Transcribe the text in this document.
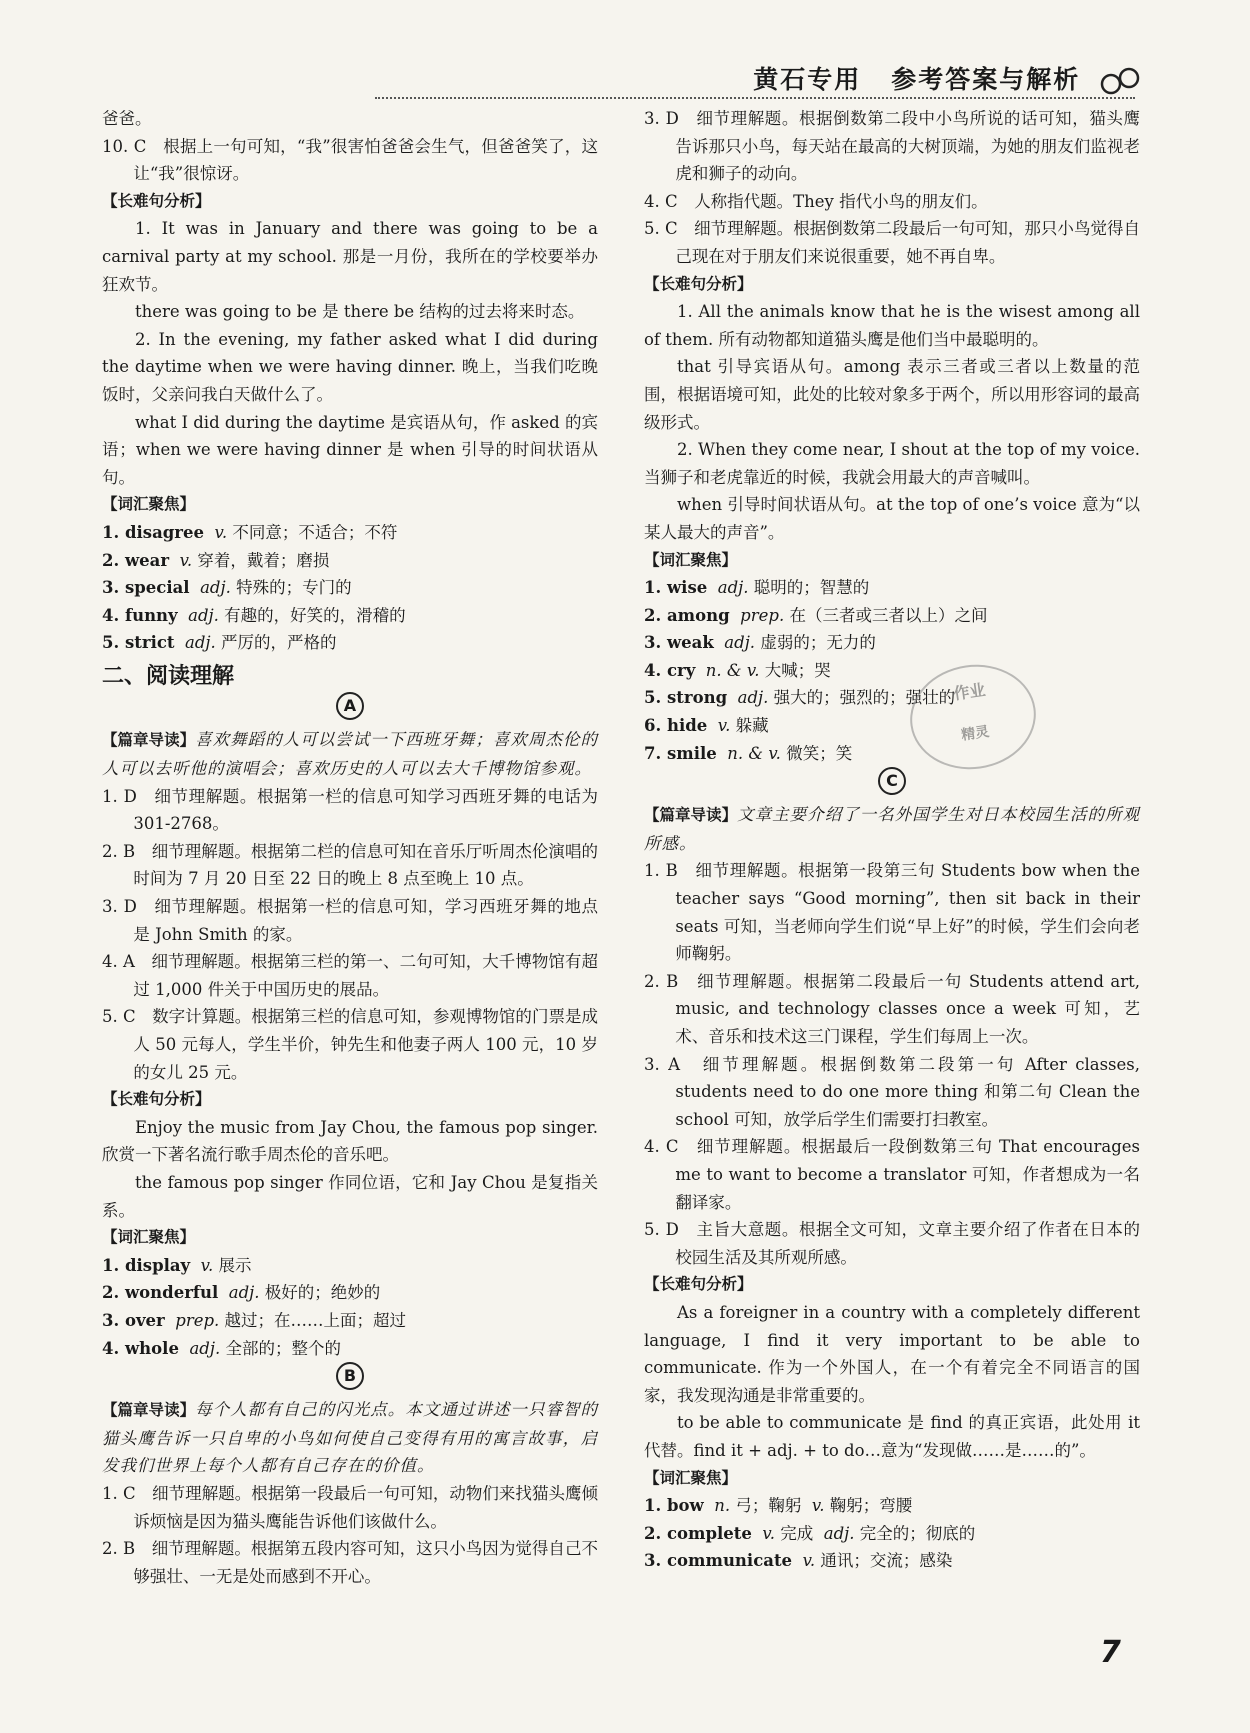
黄石专用 参考答案与解析

爸爸。

10. C　根据上一句可知，“我”很害怕爸爸会生气，但爸爸笑了，这让“我”很惊讶。

【长难句分析】

1. It was in January and there was going to be a carnival party at my school. 那是一月份，我所在的学校要举办狂欢节。

there was going to be 是 there be 结构的过去将来时态。

2. In the evening, my father asked what I did during the daytime when we were having dinner. 晚上，当我们吃晚饭时，父亲问我白天做什么了。

what I did during the daytime 是宾语从句，作 asked 的宾语；when we were having dinner 是 when 引导的时间状语从句。

【词汇聚焦】

1. disagree v. 不同意；不适合；不符

2. wear v. 穿着，戴着；磨损

3. special adj. 特殊的；专门的

4. funny adj. 有趣的，好笑的，滑稽的

5. strict adj. 严厉的，严格的

二、阅读理解

A

【篇章导读】喜欢舞蹈的人可以尝试一下西班牙舞；喜欢周杰伦的人可以去听他的演唱会；喜欢历史的人可以去大千博物馆参观。

1. D　细节理解题。根据第一栏的信息可知学习西班牙舞的电话为 301-2768。

2. B　细节理解题。根据第二栏的信息可知在音乐厅听周杰伦演唱的时间为 7 月 20 日至 22 日的晚上 8 点至晚上 10 点。

3. D　细节理解题。根据第一栏的信息可知，学习西班牙舞的地点是 John Smith 的家。

4. A　细节理解题。根据第三栏的第一、二句可知，大千博物馆有超过 1,000 件关于中国历史的展品。

5. C　数字计算题。根据第三栏的信息可知，参观博物馆的门票是成人 50 元每人，学生半价，钟先生和他妻子两人 100 元，10 岁的女儿 25 元。

【长难句分析】

Enjoy the music from Jay Chou, the famous pop singer. 欣赏一下著名流行歌手周杰伦的音乐吧。

the famous pop singer 作同位语，它和 Jay Chou 是复指关系。

【词汇聚焦】

1. display v. 展示

2. wonderful adj. 极好的；绝妙的

3. over prep. 越过；在……上面；超过

4. whole adj. 全部的；整个的

B

【篇章导读】每个人都有自己的闪光点。本文通过讲述一只睿智的猫头鹰告诉一只自卑的小鸟如何使自己变得有用的寓言故事，启发我们世界上每个人都有自己存在的价值。

1. C　细节理解题。根据第一段最后一句可知，动物们来找猫头鹰倾诉烦恼是因为猫头鹰能告诉他们该做什么。

2. B　细节理解题。根据第五段内容可知，这只小鸟因为觉得自己不够强壮、一无是处而感到不开心。

3. D　细节理解题。根据倒数第二段中小鸟所说的话可知，猫头鹰告诉那只小鸟，每天站在最高的大树顶端，为她的朋友们监视老虎和狮子的动向。

4. C　人称指代题。They 指代小鸟的朋友们。

5. C　细节理解题。根据倒数第二段最后一句可知，那只小鸟觉得自己现在对于朋友们来说很重要，她不再自卑。

【长难句分析】

1. All the animals know that he is the wisest among all of them. 所有动物都知道猫头鹰是他们当中最聪明的。

that 引导宾语从句。among 表示三者或三者以上数量的范围，根据语境可知，此处的比较对象多于两个，所以用形容词的最高级形式。

2. When they come near, I shout at the top of my voice. 当狮子和老虎靠近的时候，我就会用最大的声音喊叫。

when 引导时间状语从句。at the top of one’s voice 意为“以某人最大的声音”。

【词汇聚焦】

1. wise adj. 聪明的；智慧的

2. among prep. 在（三者或三者以上）之间

3. weak adj. 虚弱的；无力的

4. cry n. & v. 大喊；哭

5. strong adj. 强大的；强烈的；强壮的

6. hide v. 躲藏

7. smile n. & v. 微笑；笑

C

【篇章导读】文章主要介绍了一名外国学生对日本校园生活的所观所感。

1. B　细节理解题。根据第一段第三句 Students bow when the teacher says “Good morning”, then sit back in their seats 可知，当老师向学生们说“早上好”的时候，学生们会向老师鞠躬。

2. B　细节理解题。根据第二段最后一句 Students attend art, music, and technology classes once a week 可知，艺术、音乐和技术这三门课程，学生们每周上一次。

3. A　细节理解题。根据倒数第二段第一句 After classes, students need to do one more thing 和第二句 Clean the school 可知，放学后学生们需要打扫教室。

4. C　细节理解题。根据最后一段倒数第三句 That encourages me to want to become a translator 可知，作者想成为一名翻译家。

5. D　主旨大意题。根据全文可知，文章主要介绍了作者在日本的校园生活及其所观所感。

【长难句分析】

As a foreigner in a country with a completely different language, I find it very important to be able to communicate. 作为一个外国人，在一个有着完全不同语言的国家，我发现沟通是非常重要的。

to be able to communicate 是 find 的真正宾语，此处用 it 代替。find it + adj. + to do…意为“发现做……是……的”。

【词汇聚焦】

1. bow n. 弓；鞠躬 v. 鞠躬；弯腰

2. complete v. 完成 adj. 完全的；彻底的

3. communicate v. 通讯；交流；感染

作业
精灵
7
